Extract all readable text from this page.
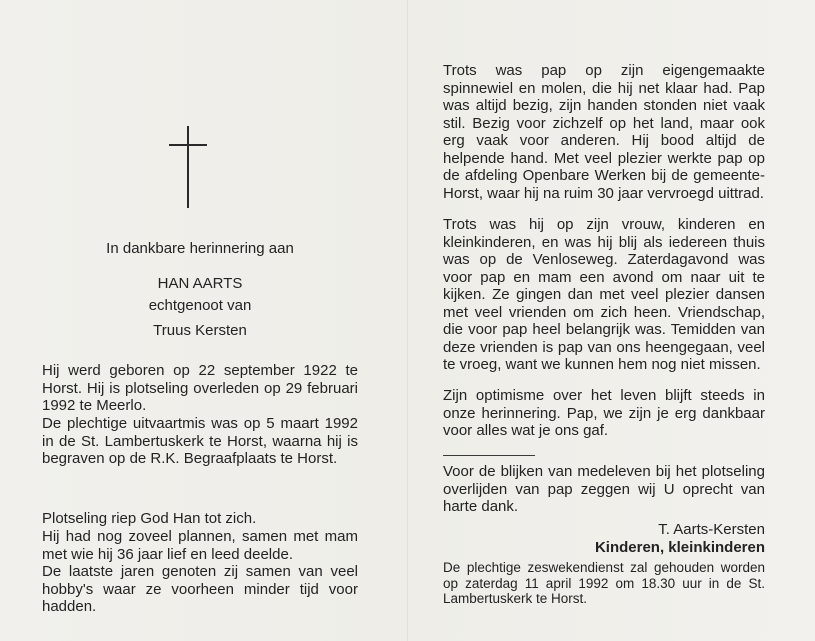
In dankbare herinnering aan
HAN AARTS
echtgenoot van
Truus Kersten

Hij werd geboren op 22 september 1922 te Horst. Hij is plotseling overleden op 29 februari 1992 te Meerlo.

De plechtige uitvaartmis was op 5 maart 1992 in de St. Lambertuskerk te Horst, waarna hij is begraven op de R.K. Begraafplaats te Horst.

Plotseling riep God Han tot zich.

Hij had nog zoveel plannen, samen met mam met wie hij 36 jaar lief en leed deelde.

De laatste jaren genoten zij samen van veel hobby's waar ze voorheen minder tijd voor hadden.

Trots was pap op zijn eigengemaakte spinnewiel en molen, die hij net klaar had. Pap was altijd bezig, zijn handen stonden niet vaak stil. Bezig voor zichzelf op het land, maar ook erg vaak voor anderen. Hij bood altijd de helpende hand. Met veel plezier werkte pap op de afdeling Openbare Werken bij de gemeente-Horst, waar hij na ruim 30 jaar vervroegd uittrad.

Trots was hij op zijn vrouw, kinderen en kleinkinderen, en was hij blij als iedereen thuis was op de Venloseweg. Zaterdagavond was voor pap en mam een avond om naar uit te kijken. Ze gingen dan met veel plezier dansen met veel vrienden om zich heen. Vriendschap, die voor pap heel belangrijk was. Temidden van deze vrienden is pap van ons heengegaan, veel te vroeg, want we kunnen hem nog niet missen.

Zijn optimisme over het leven blijft steeds in onze herinnering. Pap, we zijn je erg dankbaar voor alles wat je ons gaf.

Voor de blijken van medeleven bij het plotseling overlijden van pap zeggen wij U oprecht van harte dank.

T. Aarts-Kersten
Kinderen, kleinkinderen

De plechtige zeswekendienst zal gehouden worden op zaterdag 11 april 1992 om 18.30 uur in de St. Lambertuskerk te Horst.
